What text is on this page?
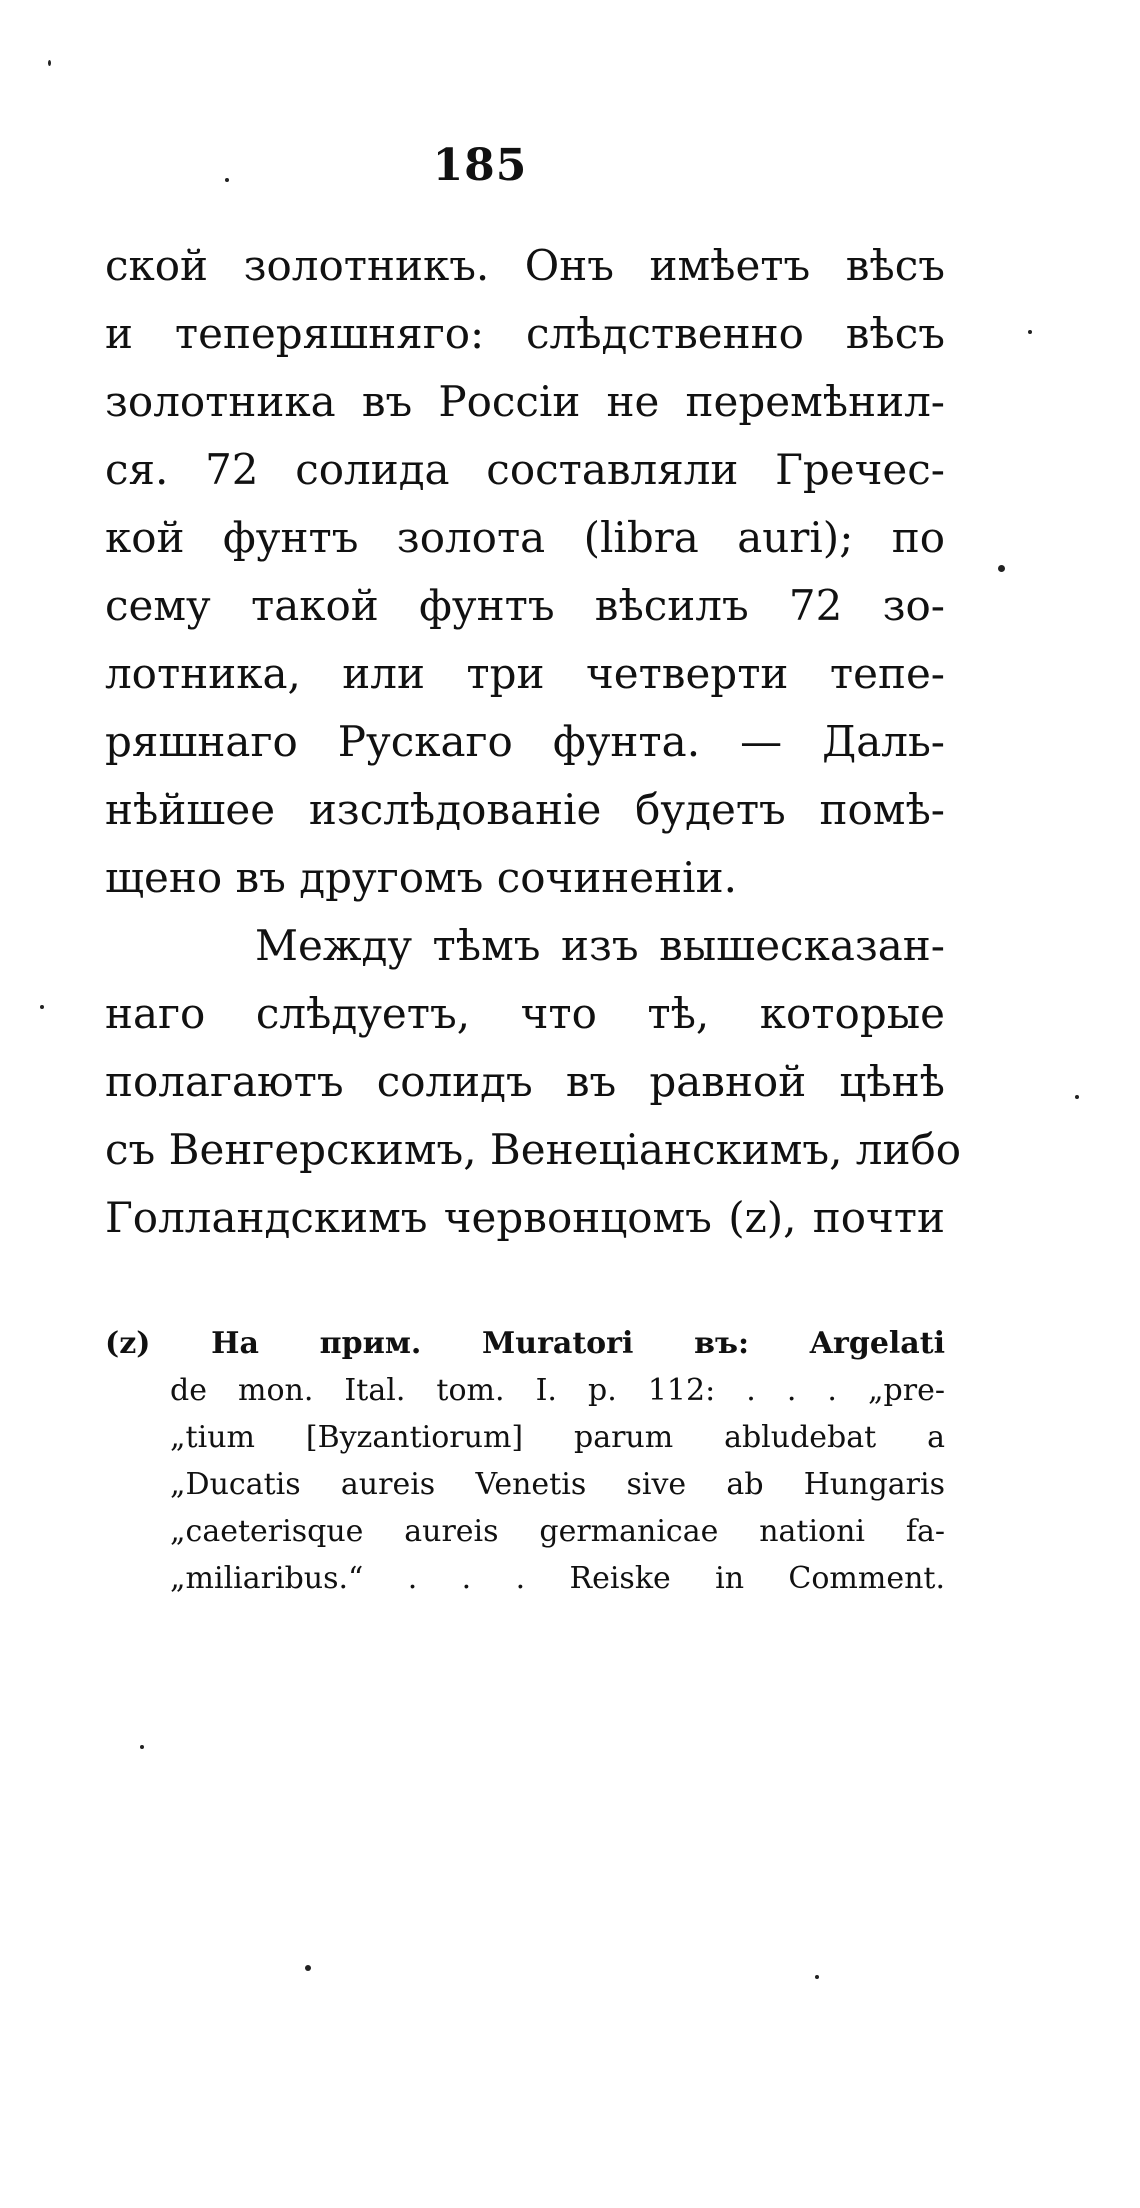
185
ской золотникъ. Онъ имѣетъ вѣсъ
и теперяшняго: слѣдственно вѣсъ
золотника въ Россіи не перемѣнил-
ся. 72 солида составляли Гречес-
кой фунтъ золота (libra auri); по
сему такой фунтъ вѣсилъ 72 зо-
лотника, или три четверти тепе-
ряшнаго Рускаго фунта. — Даль-
нѣйшее изслѣдованіе будетъ помѣ-
щено въ другомъ сочиненіи.
Между тѣмъ изъ вышесказан-
наго слѣдуетъ, что тѣ, которые
полагаютъ солидъ въ равной цѣнѣ
съ Венгерскимъ, Венеціанскимъ, либо
Голландскимъ червонцомъ (z), почти
(z) На прим. Muratori въ: Argelati
de mon. Ital. tom. I. p. 112: . . . „pre-
„tium [Byzantiorum] parum abludebat a
„Ducatis aureis Venetis sive ab Hungaris
„caeterisque aureis germanicae nationi fa-
„miliaribus.“ . . . Reiske in Comment.
